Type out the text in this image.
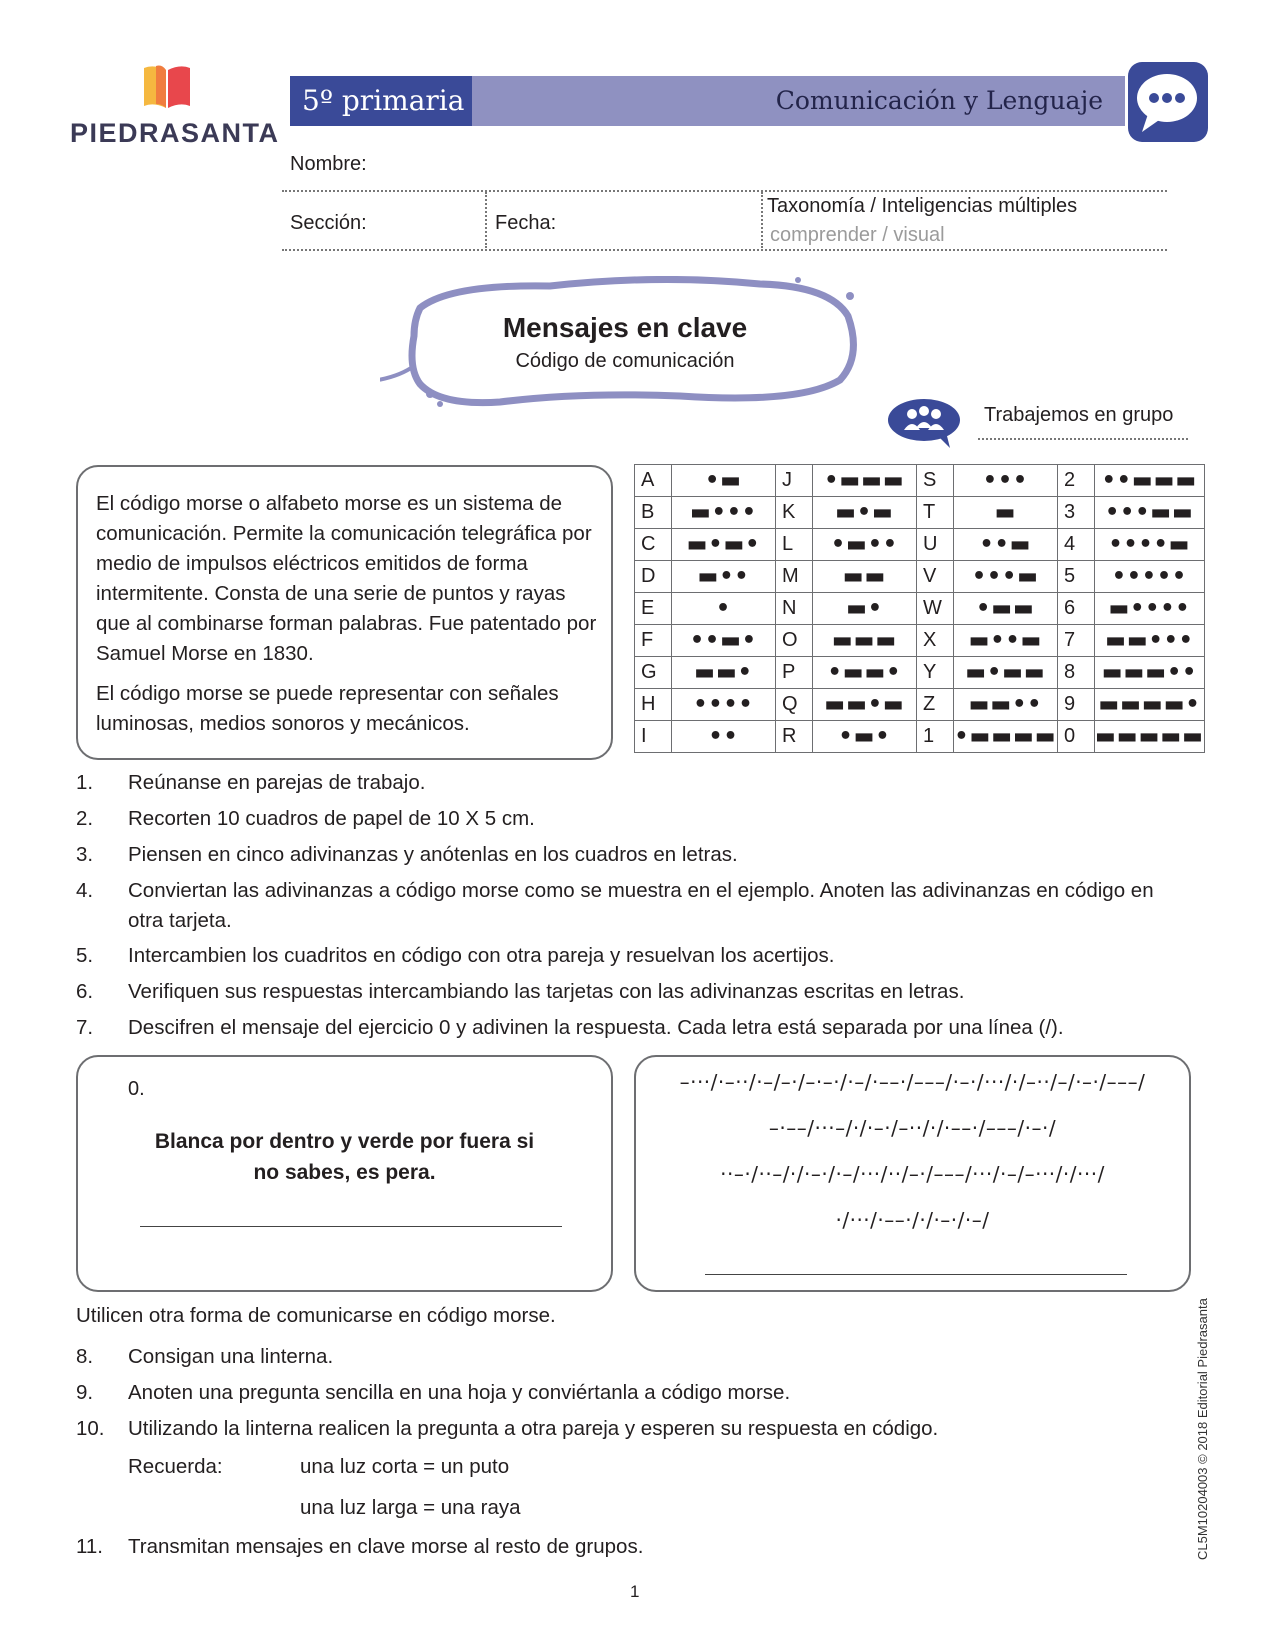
PIEDRASANTA
5º primaria	Comunicación y Lenguaje
Nombre:
Sección:	Fecha:
Taxonomía / Inteligencias múltiples
comprender / visual
Mensajes en clave
Código de comunicación
Trabajemos en grupo

El código morse o alfabeto morse es un sistema de comunicación. Permite la comunicación telegráfica por medio de impulsos eléctricos emitidos de forma intermitente. Consta de una serie de puntos y rayas que al combinarse forman palabras. Fue patentado por Samuel Morse en 1830.

El código morse se puede representar con señales luminosas, medios sonoros y mecánicos.

A	•▬	J	•▬▬▬	S	•••	2	••▬▬▬
B	▬•••	K	▬•▬	T	▬	3	•••▬▬
C	▬•▬•	L	•▬••	U	••▬	4	••••▬
D	▬••	M	▬▬	V	•••▬	5	•••••
E	•	N	▬•	W	•▬▬	6	▬••••
F	••▬•	O	▬▬▬	X	▬••▬	7	▬▬•••
G	▬▬•	P	•▬▬•	Y	▬•▬▬	8	▬▬▬••
H	••••	Q	▬▬•▬	Z	▬▬••	9	▬▬▬▬•
I	••	R	•▬•	1	•▬▬▬▬	0	▬▬▬▬▬
1. Reúnanse en parejas de trabajo.
2. Recorten 10 cuadros de papel de 10 X 5 cm.
3. Piensen en cinco adivinanzas y anótenlas en los cuadros en letras.
4. Conviertan las adivinanzas a código morse como se muestra en el ejemplo. Anoten las adivinanzas en código en otra tarjeta.
5. Intercambien los cuadritos en código con otra pareja y resuelvan los acertijos.
6. Verifiquen sus respuestas intercambiando las tarjetas con las adivinanzas escritas en letras.
7. Descifren el mensaje del ejercicio 0 y adivinen la respuesta. Cada letra está separada por una línea (/).
0.
Blanca por dentro y verde por fuera si
no sabes, es pera.
–···/·–··/·–/–·/–·–·/·–/·––·/–––/·–·/···/·/–··/–/·–·/–––/
–·––/···–/·/·–·/–··/·/·––·/–––/·–·/
··–·/··–/·/·–·/·–/···/··/–·/–––/···/·–/–···/·/···/
·/···/·––·/·/·–·/·–/
Utilicen otra forma de comunicarse en código morse.
8. Consigan una linterna.
9. Anoten una pregunta sencilla en una hoja y conviértanla a código morse.
10. Utilizando la linterna realicen la pregunta a otra pareja y esperen su respuesta en código.
Recuerda:	una luz corta = un puto
una luz larga = una raya
11. Transmitan mensajes en clave morse al resto de grupos.
1
CL5M10204003 © 2018 Editorial Piedrasanta
